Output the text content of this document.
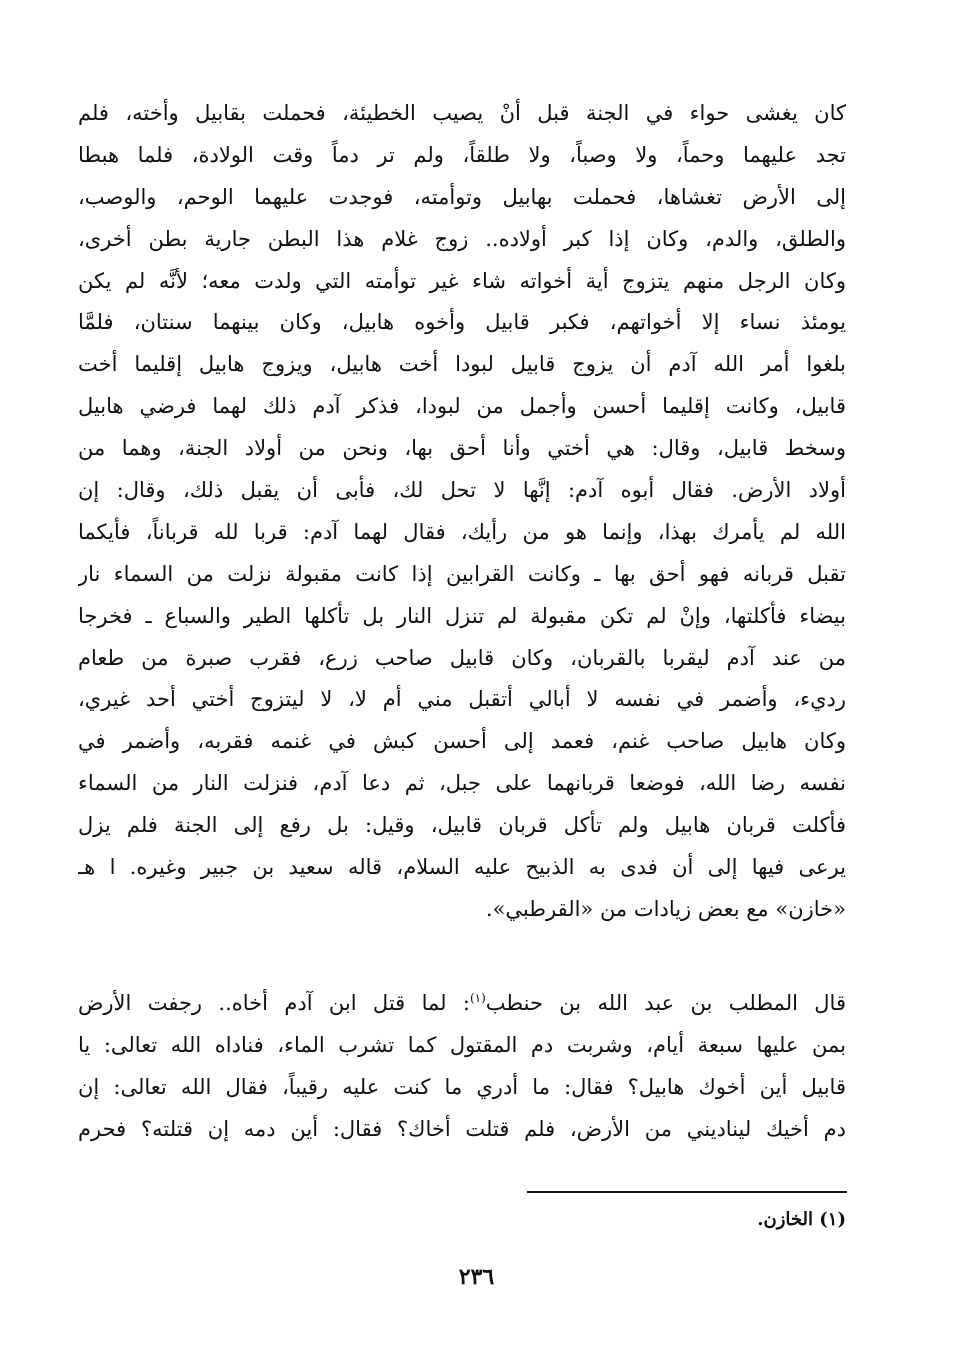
كان يغشى حواء في الجنة قبل أنْ يصيب الخطيئة، فحملت بقابيل وأخته، فلم
تجد عليهما وحماً، ولا وصباً، ولا طلقاً، ولم تر دماً وقت الولادة، فلما هبطا
إلى الأرض تغشاها، فحملت بهابيل وتوأمته، فوجدت عليهما الوحم، والوصب،
والطلق، والدم، وكان إذا كبر أولاده.. زوج غلام هذا البطن جارية بطن أخرى،
وكان الرجل منهم يتزوج أية أخواته شاء غير توأمته التي ولدت معه؛ لأنَّه لم يكن
يومئذ نساء إلا أخواتهم، فكبر قابيل وأخوه هابيل، وكان بينهما سنتان، فلمَّا
بلغوا أمر الله آدم أن يزوج قابيل لبودا أخت هابيل، ويزوج هابيل إقليما أخت
قابيل، وكانت إقليما أحسن وأجمل من لبودا، فذكر آدم ذلك لهما فرضي هابيل
وسخط قابيل، وقال: هي أختي وأنا أحق بها، ونحن من أولاد الجنة، وهما من
أولاد الأرض. فقال أبوه آدم: إنَّها لا تحل لك، فأبى أن يقبل ذلك، وقال: إن
الله لم يأمرك بهذا، وإنما هو من رأيك، فقال لهما آدم: قربا لله قرباناً، فأيكما
تقبل قربانه فهو أحق بها ـ وكانت القرابين إذا كانت مقبولة نزلت من السماء نار
بيضاء فأكلتها، وإنْ لم تكن مقبولة لم تنزل النار بل تأكلها الطير والسباع ـ فخرجا
من عند آدم ليقربا بالقربان، وكان قابيل صاحب زرع، فقرب صبرة من طعام
رديء، وأضمر في نفسه لا أبالي أتقبل مني أم لا، لا ليتزوج أختي أحد غيري،
وكان هابيل صاحب غنم، فعمد إلى أحسن كبش في غنمه فقربه، وأضمر في
نفسه رضا الله، فوضعا قربانهما على جبل، ثم دعا آدم، فنزلت النار من السماء
فأكلت قربان هابيل ولم تأكل قربان قابيل، وقيل: بل رفع إلى الجنة فلم يزل
يرعى فيها إلى أن فدى به الذبيح عليه السلام، قاله سعيد بن جبير وغيره. ا هـ
«خازن» مع بعض زيادات من «القرطبي».
قال المطلب بن عبد الله بن حنطب$^{(١)}$: لما قتل ابن آدم أخاه.. رجفت الأرض
بمن عليها سبعة أيام، وشربت دم المقتول كما تشرب الماء، فناداه الله تعالى: يا
قابيل أين أخوك هابيل؟ فقال: ما أدري ما كنت عليه رقيباً، فقال الله تعالى: إن
دم أخيك ليناديني من الأرض، فلم قتلت أخاك؟ فقال: أين دمه إن قتلته؟ فحرم
(١) الخازن.
٢٣٦
